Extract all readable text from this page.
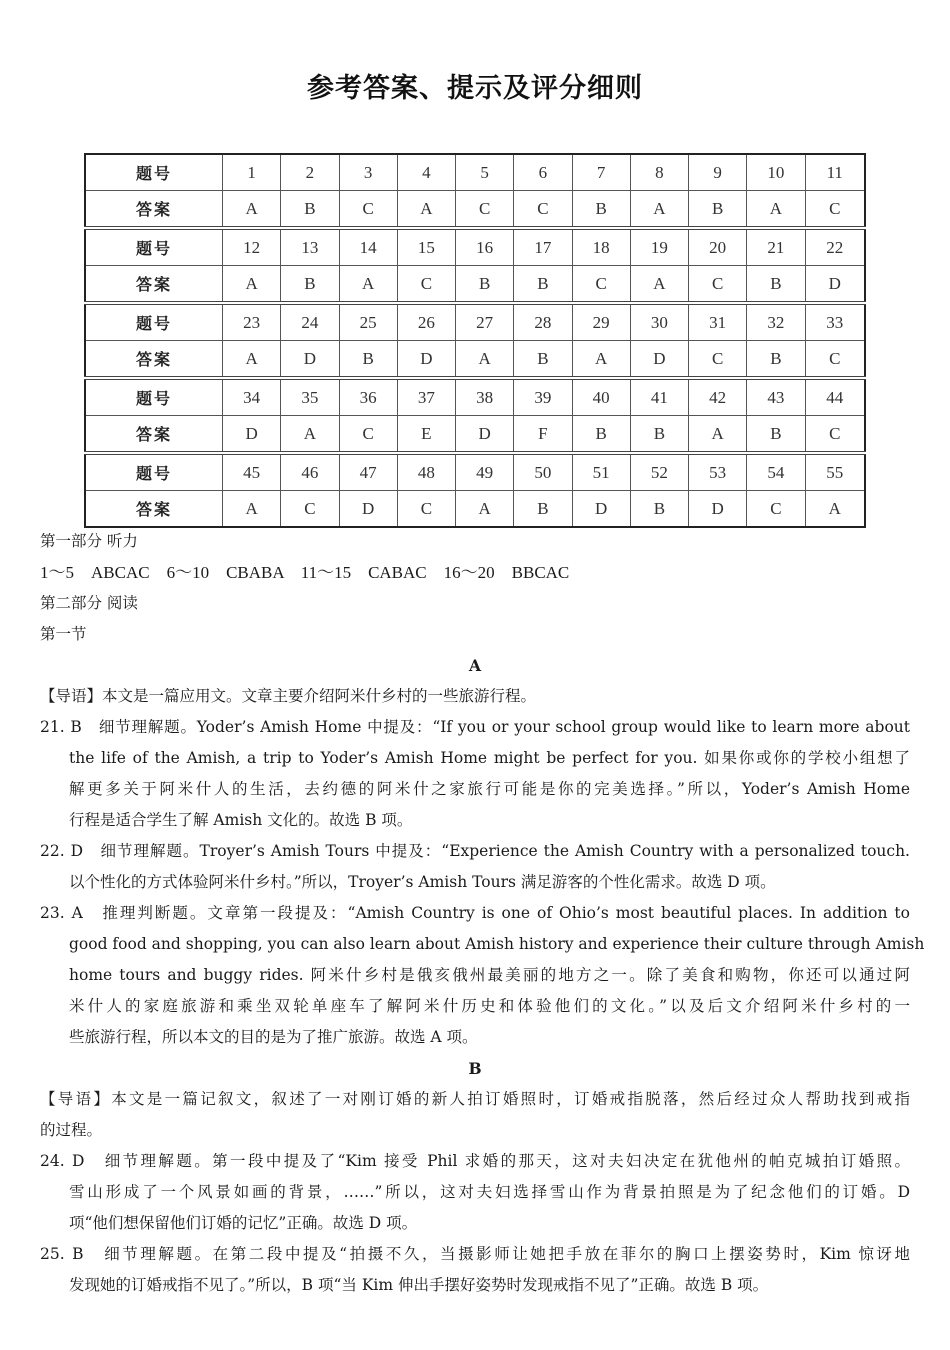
参考答案、提示及评分细则
题号	1	2	3	4	5	6	7	8	9	10	11
答案	A	B	C	A	C	C	B	A	B	A	C
题号	12	13	14	15	16	17	18	19	20	21	22
答案	A	B	A	C	B	B	C	A	C	B	D
题号	23	24	25	26	27	28	29	30	31	32	33
答案	A	D	B	D	A	B	A	D	C	B	C
题号	34	35	36	37	38	39	40	41	42	43	44
答案	D	A	C	E	D	F	B	B	A	B	C
题号	45	46	47	48	49	50	51	52	53	54	55
答案	A	C	D	C	A	B	D	B	D	C	A
第一部分 听力
1～5　ABCAC　6～10　CBABA　11～15　CABAC　16～20　BBCAC
第二部分 阅读
第一节
A
【导语】本文是一篇应用文。文章主要介绍阿米什乡村的一些旅游行程。
21. B　细节理解题。Yoder’s Amish Home 中提及：“If you or your school group would like to learn more about
the life of the Amish, a trip to Yoder’s Amish Home might be perfect for you. 如果你或你的学校小组想了
解更多关于阿米什人的生活，去约德的阿米什之家旅行可能是你的完美选择。”所以，Yoder’s Amish Home
行程是适合学生了解 Amish 文化的。故选 B 项。
22. D　细节理解题。Troyer’s Amish Tours 中提及：“Experience the Amish Country with a personalized touch.
以个性化的方式体验阿米什乡村。”所以，Troyer’s Amish Tours 满足游客的个性化需求。故选 D 项。
23. A　推理判断题。文章第一段提及：“Amish Country is one of Ohio’s most beautiful places. In addition to
good food and shopping, you can also learn about Amish history and experience their culture through Amish
home tours and buggy rides. 阿米什乡村是俄亥俄州最美丽的地方之一。除了美食和购物，你还可以通过阿
米什人的家庭旅游和乘坐双轮单座车了解阿米什历史和体验他们的文化。”以及后文介绍阿米什乡村的一
些旅游行程，所以本文的目的是为了推广旅游。故选 A 项。
B
【导语】本文是一篇记叙文，叙述了一对刚订婚的新人拍订婚照时，订婚戒指脱落，然后经过众人帮助找到戒指
的过程。
24. D　细节理解题。第一段中提及了“Kim 接受 Phil 求婚的那天，这对夫妇决定在犹他州的帕克城拍订婚照。
雪山形成了一个风景如画的背景，……”所以，这对夫妇选择雪山作为背景拍照是为了纪念他们的订婚。D
项“他们想保留他们订婚的记忆”正确。故选 D 项。
25. B　细节理解题。在第二段中提及“拍摄不久，当摄影师让她把手放在菲尔的胸口上摆姿势时，Kim 惊讶地
发现她的订婚戒指不见了。”所以，B 项“当 Kim 伸出手摆好姿势时发现戒指不见了”正确。故选 B 项。
